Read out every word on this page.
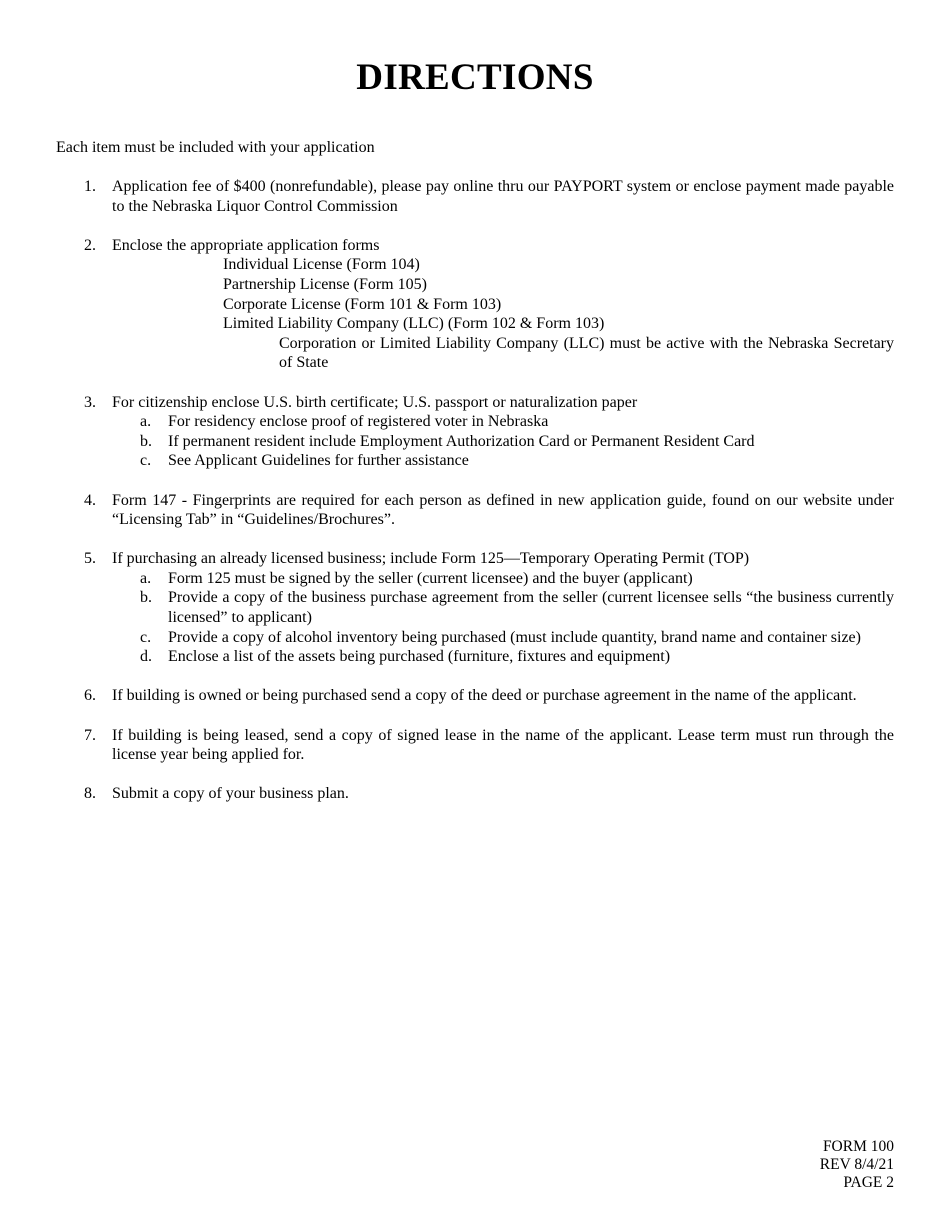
DIRECTIONS
Each item must be included with your application
1. Application fee of $400 (nonrefundable), please pay online thru our PAYPORT system or enclose payment made payable to the Nebraska Liquor Control Commission
2. Enclose the appropriate application forms
Individual License (Form 104)
Partnership License (Form 105)
Corporate License (Form 101 & Form 103)
Limited Liability Company (LLC) (Form 102 & Form 103)
Corporation or Limited Liability Company (LLC) must be active with the Nebraska Secretary of State
3. For citizenship enclose U.S. birth certificate; U.S. passport or naturalization paper
a. For residency enclose proof of registered voter in Nebraska
b. If permanent resident include Employment Authorization Card or Permanent Resident Card
c. See Applicant Guidelines for further assistance
4. Form 147 - Fingerprints are required for each person as defined in new application guide, found on our website under “Licensing Tab” in “Guidelines/Brochures”.
5. If purchasing an already licensed business; include Form 125—Temporary Operating Permit (TOP)
a. Form 125 must be signed by the seller (current licensee) and the buyer (applicant)
b. Provide a copy of the business purchase agreement from the seller (current licensee sells “the business currently licensed” to applicant)
c. Provide a copy of alcohol inventory being purchased (must include quantity, brand name and container size)
d. Enclose a list of the assets being purchased (furniture, fixtures and equipment)
6. If building is owned or being purchased send a copy of the deed or purchase agreement in the name of the applicant.
7. If building is being leased, send a copy of signed lease in the name of the applicant. Lease term must run through the license year being applied for.
8. Submit a copy of your business plan.
FORM 100
REV 8/4/21
PAGE 2
